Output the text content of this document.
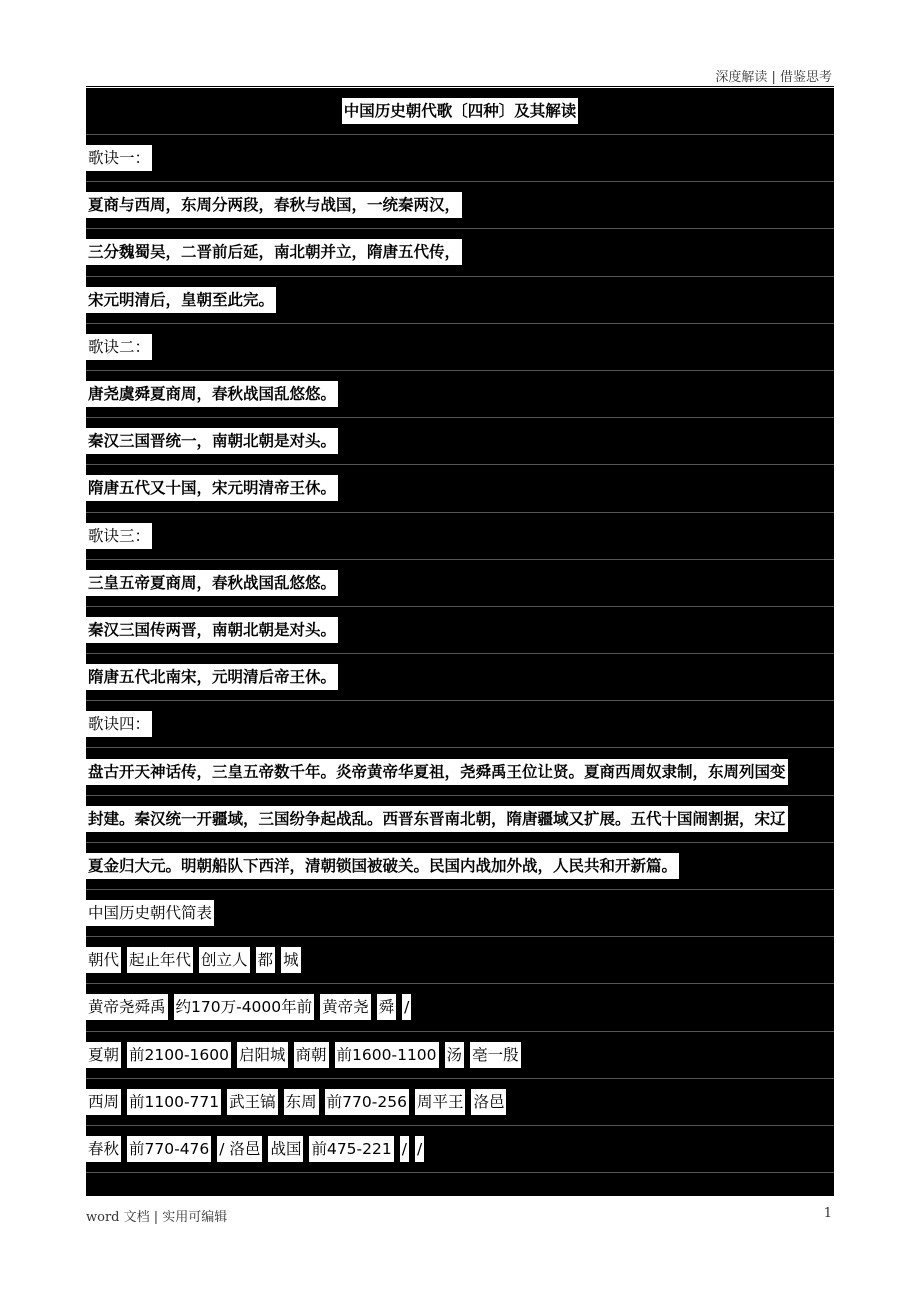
深度解读 | 借鉴思考
中国历史朝代歌〔四种〕及其解读
歌诀一：
夏商与西周，东周分两段，春秋与战国，一统秦两汉，
三分魏蜀吴，二晋前后延，南北朝并立，隋唐五代传，
宋元明清后，皇朝至此完。
歌诀二：
唐尧虞舜夏商周，春秋战国乱悠悠。
秦汉三国晋统一，南朝北朝是对头。
隋唐五代又十国，宋元明清帝王休。
歌诀三：
三皇五帝夏商周，春秋战国乱悠悠。
秦汉三国传两晋，南朝北朝是对头。
隋唐五代北南宋，元明清后帝王休。
歌诀四：
盘古开天神话传，三皇五帝数千年。炎帝黄帝华夏祖，尧舜禹王位让贤。夏商西周奴隶制，东周列国变
封建。秦汉统一开疆域，三国纷争起战乱。西晋东晋南北朝，隋唐疆域又扩展。五代十国闹割据，宋辽
夏金归大元。明朝船队下西洋，清朝锁国被破关。民国内战加外战，人民共和开新篇。
中国历史朝代简表
朝代 起止年代 创立人 都 城
黄帝尧舜禹 约170万-4000年前 黄帝尧 舜 /
夏朝 前2100-1600 启阳城 商朝 前1600-1100 汤 亳一殷
西周 前1100-771 武王镐 东周 前770-256 周平王 洛邑
春秋 前770-476 / 洛邑 战国 前475-221 / /
word 文档 | 实用可编辑	1
